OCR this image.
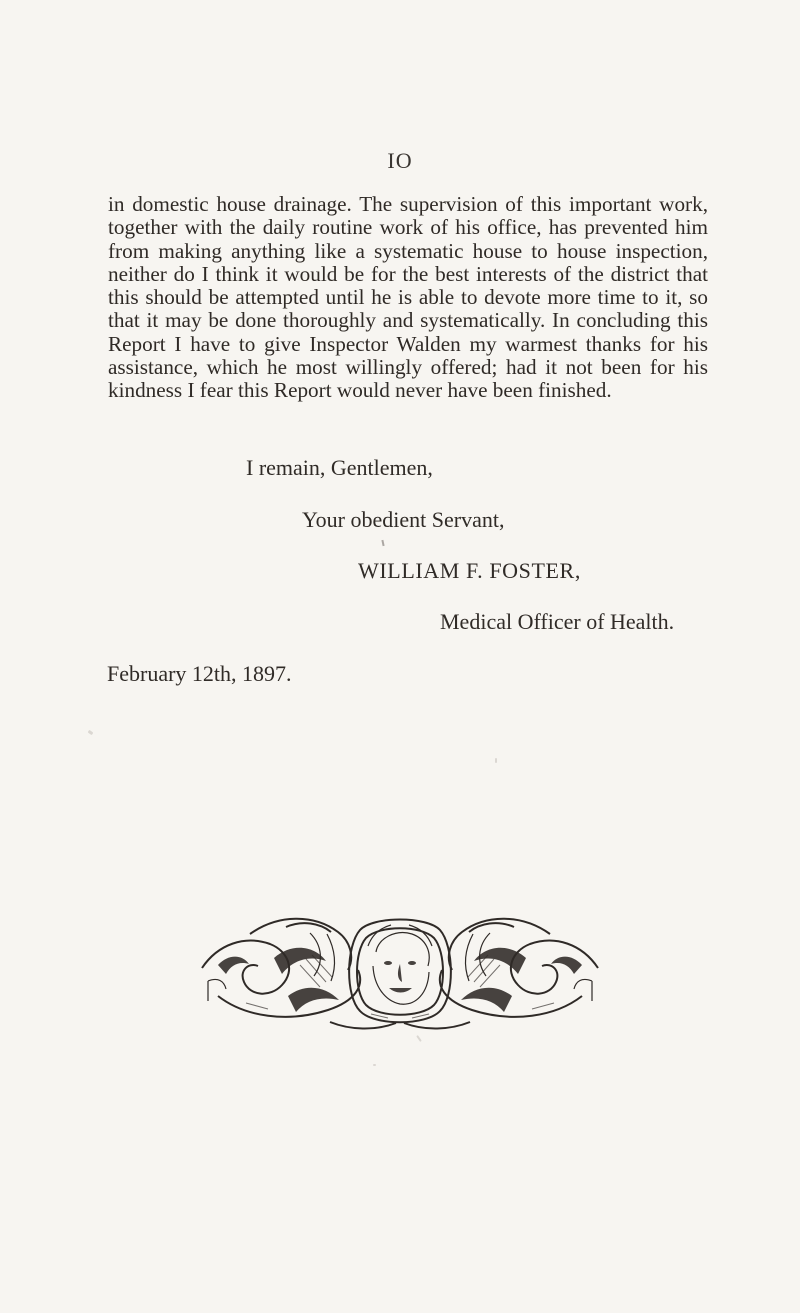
IO

in domestic house drainage. The supervision of this important work, together with the daily routine work of his office, has prevented him from making anything like a systematic house to house inspection, neither do I think it would be for the best interests of the district that this should be attempted until he is able to devote more time to it, so that it may be done thoroughly and systematically. In concluding this Report I have to give Inspector Walden my warmest thanks for his assistance, which he most willingly offered; had it not been for his kindness I fear this Report would never have been finished.

I remain, Gentlemen,
Your obedient Servant,
WILLIAM F. FOSTER,
Medical Officer of Health.
February 12th, 1897.
